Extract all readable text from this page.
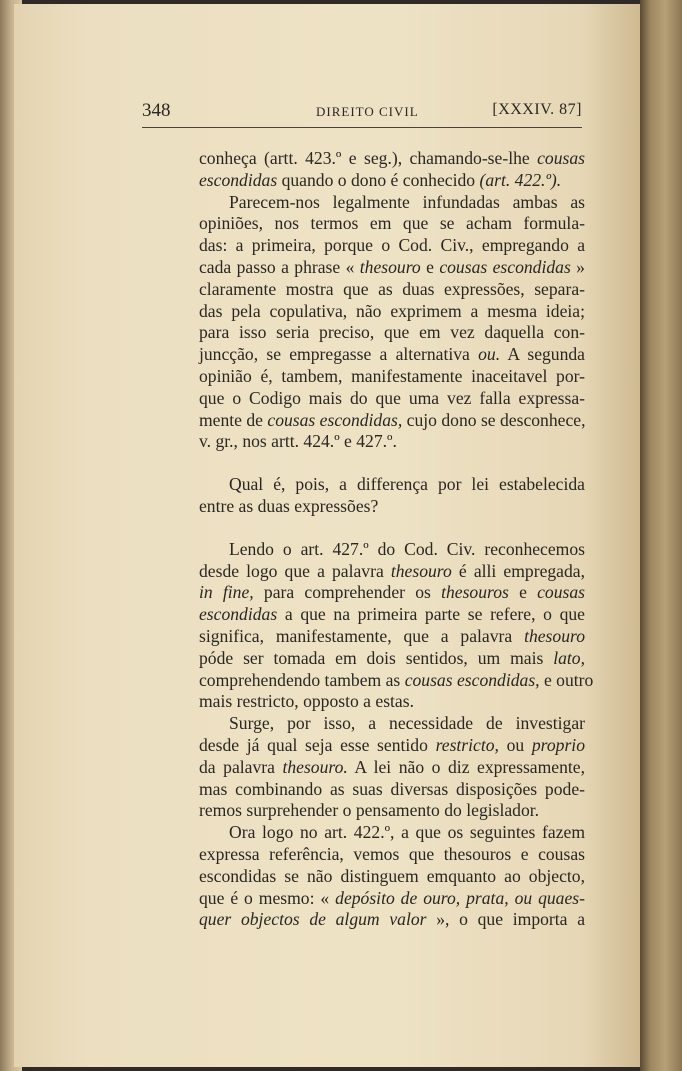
348	DIREITO CIVIL	[XXXIV. 87]
conheça (artt. 423.º e seg.), chamando-se-lhe cousas
escondidas quando o dono é conhecido (art. 422.º).
Parecem-nos legalmente infundadas ambas as
opiniões, nos termos em que se acham formula-
das: a primeira, porque o Cod. Civ., empregando a
cada passo a phrase « thesouro e cousas escondidas »
claramente mostra que as duas expressões, separa-
das pela copulativa, não exprimem a mesma ideia;
para isso seria preciso, que em vez daquella con-
juncção, se empregasse a alternativa ou. A segunda
opinião é, tambem, manifestamente inaceitavel por-
que o Codigo mais do que uma vez falla expressa-
mente de cousas escondidas, cujo dono se desconhece,
v. gr., nos artt. 424.º e 427.º.
Qual é, pois, a differença por lei estabelecida
entre as duas expressões?
Lendo o art. 427.º do Cod. Civ. reconhecemos
desde logo que a palavra thesouro é alli empregada,
in fine, para comprehender os thesouros e cousas
escondidas a que na primeira parte se refere, o que
significa, manifestamente, que a palavra thesouro
póde ser tomada em dois sentidos, um mais lato,
comprehendendo tambem as cousas escondidas, e outro
mais restricto, opposto a estas.
Surge, por isso, a necessidade de investigar
desde já qual seja esse sentido restricto, ou proprio
da palavra thesouro. A lei não o diz expressamente,
mas combinando as suas diversas disposições pode-
remos surprehender o pensamento do legislador.
Ora logo no art. 422.º, a que os seguintes fazem
expressa referência, vemos que thesouros e cousas
escondidas se não distinguem emquanto ao objecto,
que é o mesmo: « depósito de ouro, prata, ou quaes-
quer objectos de algum valor », o que importa a
